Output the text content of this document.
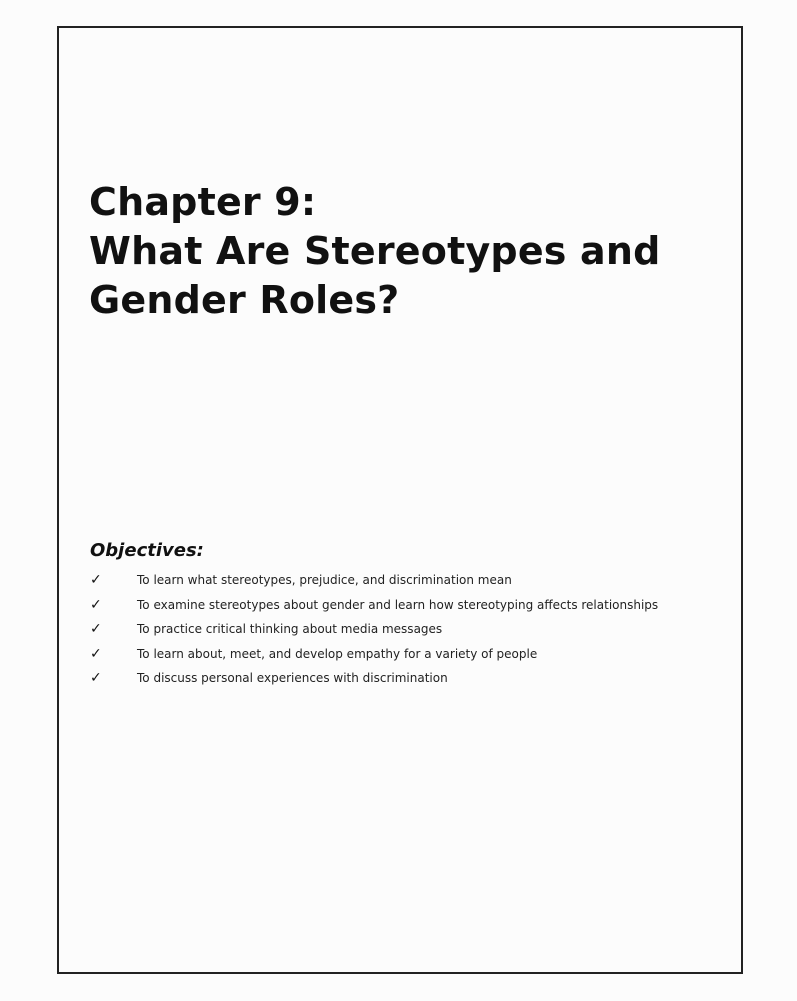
Chapter 9:
What Are Stereotypes and
Gender Roles?
Objectives:
✓	To learn what stereotypes, prejudice, and discrimination mean
✓	To examine stereotypes about gender and learn how stereotyping affects relationships
✓	To practice critical thinking about media messages
✓	To learn about, meet, and develop empathy for a variety of people
✓	To discuss personal experiences with discrimination
